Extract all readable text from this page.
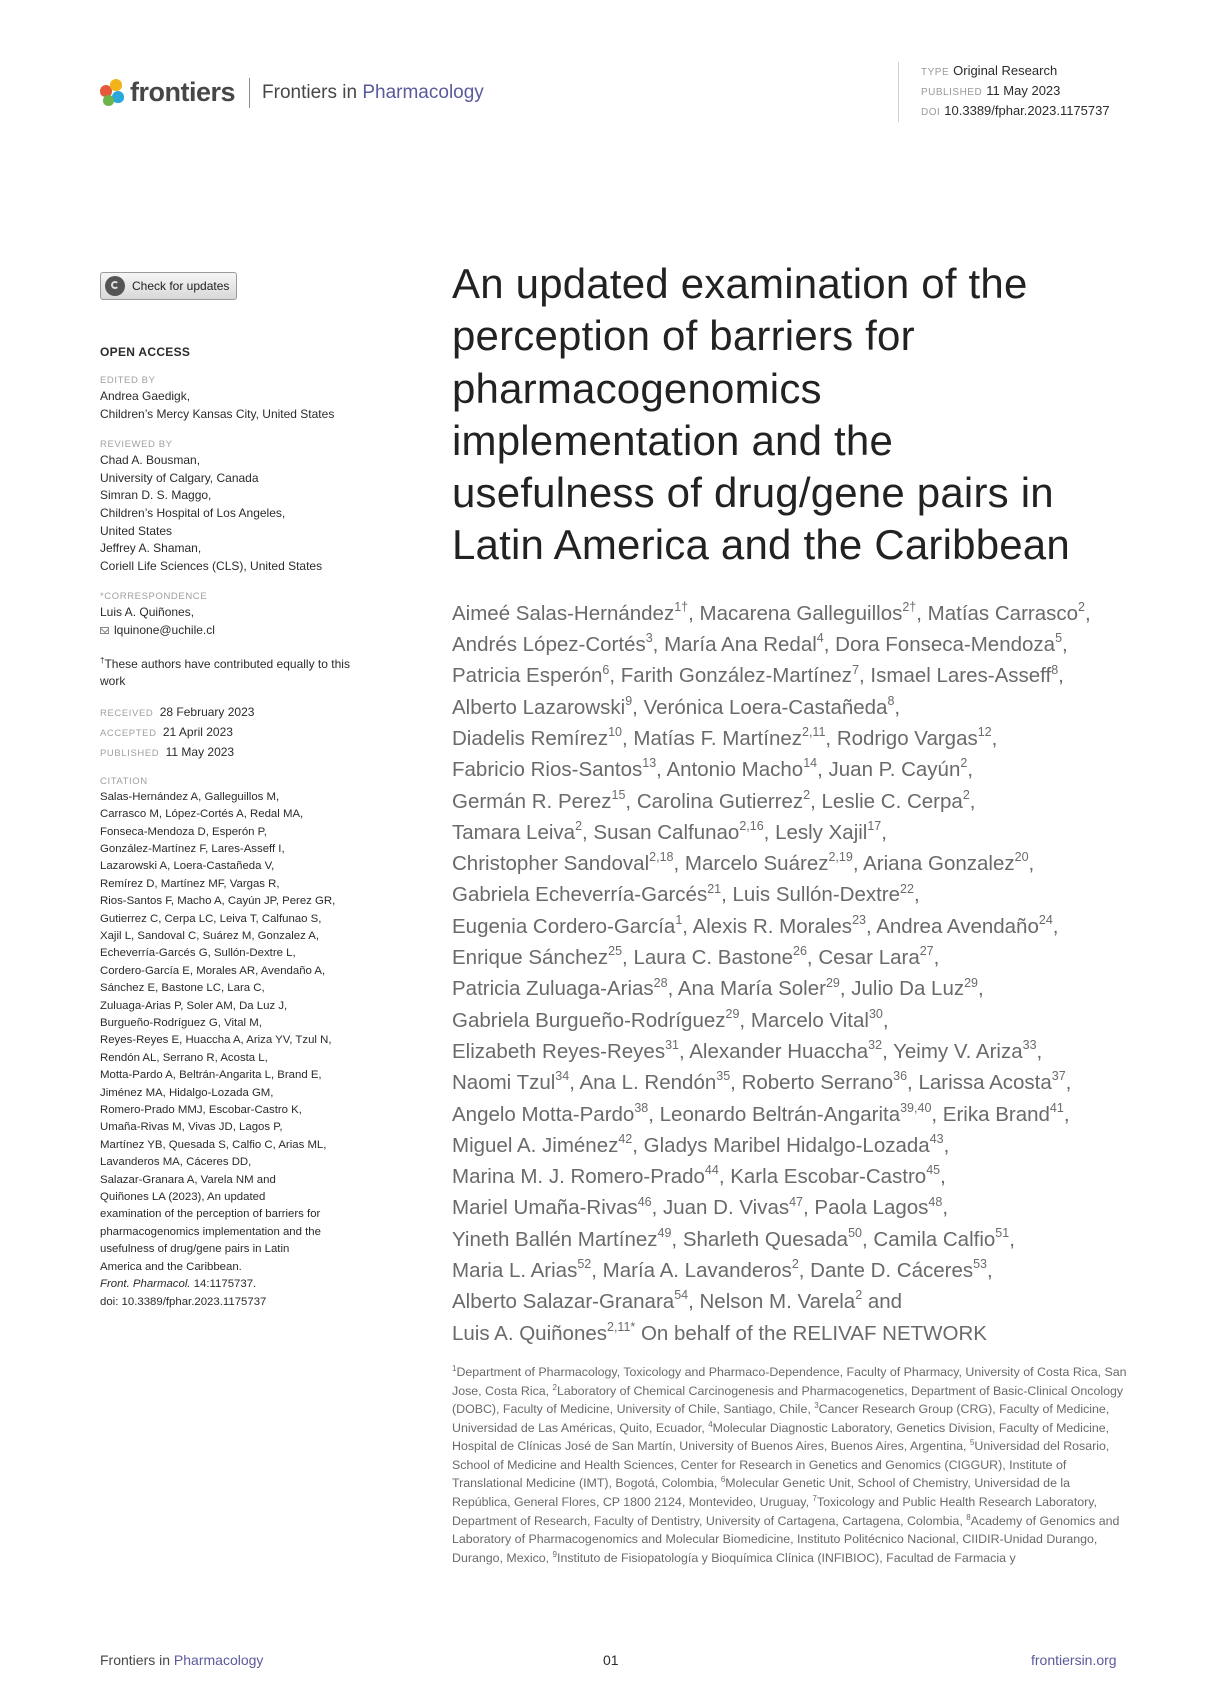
frontiers Frontiers in Pharmacology
TYPE Original Research
PUBLISHED 11 May 2023
DOI 10.3389/fphar.2023.1175737
Check for updates
OPEN ACCESS
EDITED BY
Andrea Gaedigk,
Children’s Mercy Kansas City, United States
REVIEWED BY
Chad A. Bousman,
University of Calgary, Canada
Simran D. S. Maggo,
Children’s Hospital of Los Angeles,
United States
Jeffrey A. Shaman,
Coriell Life Sciences (CLS), United States
*CORRESPONDENCE
Luis A. Quiñones,
lquinone@uchile.cl
†These authors have contributed equally to this work
RECEIVED 28 February 2023
ACCEPTED 21 April 2023
PUBLISHED 11 May 2023
CITATION
Salas-Hernández A, Galleguillos M,
Carrasco M, López-Cortés A, Redal MA,
Fonseca-Mendoza D, Esperón P,
González-Martínez F, Lares-Asseff I,
Lazarowski A, Loera-Castañeda V,
Remírez D, Martínez MF, Vargas R,
Rios-Santos F, Macho A, Cayún JP, Perez GR,
Gutierrez C, Cerpa LC, Leiva T, Calfunao S,
Xajil L, Sandoval C, Suárez M, Gonzalez A,
Echeverría-Garcés G, Sullón-Dextre L,
Cordero-García E, Morales AR, Avendaño A,
Sánchez E, Bastone LC, Lara C,
Zuluaga-Arias P, Soler AM, Da Luz J,
Burgueño-Rodríguez G, Vital M,
Reyes-Reyes E, Huaccha A, Ariza YV, Tzul N,
Rendón AL, Serrano R, Acosta L,
Motta-Pardo A, Beltrán-Angarita L, Brand E,
Jiménez MA, Hidalgo-Lozada GM,
Romero-Prado MMJ, Escobar-Castro K,
Umaña-Rivas M, Vivas JD, Lagos P,
Martínez YB, Quesada S, Calfio C, Arias ML,
Lavanderos MA, Cáceres DD,
Salazar-Granara A, Varela NM and
Quiñones LA (2023), An updated
examination of the perception of barriers for
pharmacogenomics implementation and the
usefulness of drug/gene pairs in Latin
America and the Caribbean.
Front. Pharmacol. 14:1175737.
doi: 10.3389/fphar.2023.1175737
An updated examination of the
perception of barriers for
pharmacogenomics
implementation and the
usefulness of drug/gene pairs in
Latin America and the Caribbean
Aimeé Salas-Hernández$^{1\dagger}$, Macarena Galleguillos$^{2\dagger}$, Matías Carrasco$^2$,
Andrés López-Cortés$^3$, María Ana Redal$^4$, Dora Fonseca-Mendoza$^5$,
Patricia Esperón$^6$, Farith González-Martínez$^7$, Ismael Lares-Asseff$^8$,
Alberto Lazarowski$^9$, Verónica Loera-Castañeda$^8$,
Diadelis Remírez$^{10}$, Matías F. Martínez$^{2,11}$, Rodrigo Vargas$^{12}$,
Fabricio Rios-Santos$^{13}$, Antonio Macho$^{14}$, Juan P. Cayún$^2$,
Germán R. Perez$^{15}$, Carolina Gutierrez$^2$, Leslie C. Cerpa$^2$,
Tamara Leiva$^2$, Susan Calfunao$^{2,16}$, Lesly Xajil$^{17}$,
Christopher Sandoval$^{2,18}$, Marcelo Suárez$^{2,19}$, Ariana Gonzalez$^{20}$,
Gabriela Echeverría-Garcés$^{21}$, Luis Sullón-Dextre$^{22}$,
Eugenia Cordero-García$^1$, Alexis R. Morales$^{23}$, Andrea Avendaño$^{24}$,
Enrique Sánchez$^{25}$, Laura C. Bastone$^{26}$, Cesar Lara$^{27}$,
Patricia Zuluaga-Arias$^{28}$, Ana María Soler$^{29}$, Julio Da Luz$^{29}$,
Gabriela Burgueño-Rodríguez$^{29}$, Marcelo Vital$^{30}$,
Elizabeth Reyes-Reyes$^{31}$, Alexander Huaccha$^{32}$, Yeimy V. Ariza$^{33}$,
Naomi Tzul$^{34}$, Ana L. Rendón$^{35}$, Roberto Serrano$^{36}$, Larissa Acosta$^{37}$,
Angelo Motta-Pardo$^{38}$, Leonardo Beltrán-Angarita$^{39,40}$, Erika Brand$^{41}$,
Miguel A. Jiménez$^{42}$, Gladys Maribel Hidalgo-Lozada$^{43}$,
Marina M. J. Romero-Prado$^{44}$, Karla Escobar-Castro$^{45}$,
Mariel Umaña-Rivas$^{46}$, Juan D. Vivas$^{47}$, Paola Lagos$^{48}$,
Yineth Ballén Martínez$^{49}$, Sharleth Quesada$^{50}$, Camila Calfio$^{51}$,
Maria L. Arias$^{52}$, María A. Lavanderos$^2$, Dante D. Cáceres$^{53}$,
Alberto Salazar-Granara$^{54}$, Nelson M. Varela$^2$ and
Luis A. Quiñones$^{2,11*}$ On behalf of the RELIVAF NETWORK
$^1$Department of Pharmacology, Toxicology and Pharmaco-Dependence, Faculty of Pharmacy, University of Costa Rica, San Jose, Costa Rica, $^2$Laboratory of Chemical Carcinogenesis and Pharmacogenetics, Department of Basic-Clinical Oncology (DOBC), Faculty of Medicine, University of Chile, Santiago, Chile, $^3$Cancer Research Group (CRG), Faculty of Medicine, Universidad de Las Américas, Quito, Ecuador, $^4$Molecular Diagnostic Laboratory, Genetics Division, Faculty of Medicine, Hospital de Clínicas José de San Martín, University of Buenos Aires, Buenos Aires, Argentina, $^5$Universidad del Rosario, School of Medicine and Health Sciences, Center for Research in Genetics and Genomics (CIGGUR), Institute of Translational Medicine (IMT), Bogotá, Colombia, $^6$Molecular Genetic Unit, School of Chemistry, Universidad de la República, General Flores, CP 1800 2124, Montevideo, Uruguay, $^7$Toxicology and Public Health Research Laboratory, Department of Research, Faculty of Dentistry, University of Cartagena, Cartagena, Colombia, $^8$Academy of Genomics and Laboratory of Pharmacogenomics and Molecular Biomedicine, Instituto Politécnico Nacional, CIIDIR-Unidad Durango, Durango, Mexico, $^9$Instituto de Fisiopatología y Bioquímica Clínica (INFIBIOC), Facultad de Farmacia y
Frontiers in Pharmacology	01	frontiersin.org
